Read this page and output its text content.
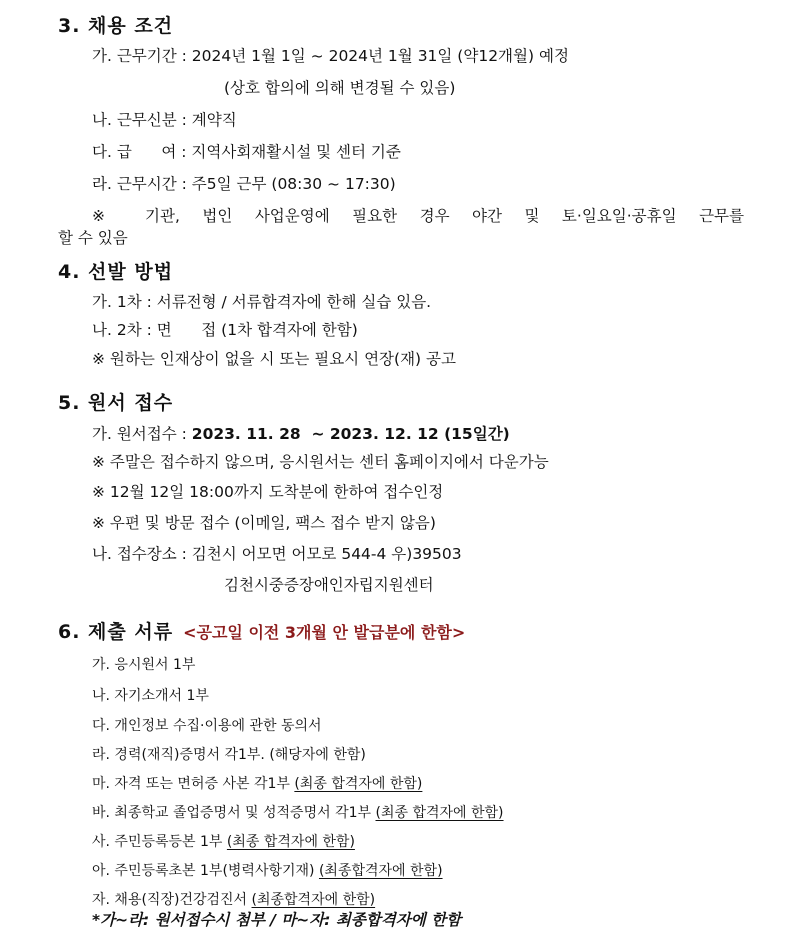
3. 채용 조건
가. 근무기간 : 2024년 1월 1일 ~ 2024년 1월 31일 (약12개월) 예정
(상호 합의에 의해 변경될 수 있음)
나. 근무신분 : 계약직
다. 급      여 : 지역사회재활시설 및 센터 기준
라. 근무시간 : 주5일 근무 (08:30 ~ 17:30)
※ 기관, 법인 사업운영에 필요한 경우 야간 및 토·일요일·공휴일 근무를
할 수 있음
4. 선발 방법
가. 1차 : 서류전형 / 서류합격자에 한해 실습 있음.
나. 2차 : 면      접 (1차 합격자에 한함)
※ 원하는 인재상이 없을 시 또는 필요시 연장(재) 공고
5. 원서 접수
가. 원서접수 : 2023. 11. 28  ~ 2023. 12. 12 (15일간)
※ 주말은 접수하지 않으며, 응시원서는 센터 홈페이지에서 다운가능
※ 12월 12일 18:00까지 도착분에 한하여 접수인정
※ 우편 및 방문 접수 (이메일, 팩스 접수 받지 않음)
나. 접수장소 : 김천시 어모면 어모로 544-4 우)39503
김천시중증장애인자립지원센터
6. 제출 서류 <공고일 이전 3개월 안 발급분에 한함>
가. 응시원서 1부
나. 자기소개서 1부
다. 개인정보 수집·이용에 관한 동의서
라. 경력(재직)증명서 각1부. (해당자에 한함)
마. 자격 또는 면허증 사본 각1부 (최종 합격자에 한함)
바. 최종학교 졸업증명서 및 성적증명서 각1부 (최종 합격자에 한함)
사. 주민등록등본 1부 (최종 합격자에 한함)
아. 주민등록초본 1부(병력사항기재) (최종합격자에 한함)
자. 채용(직장)건강검진서 (최종합격자에 한함)
*가~라: 원서접수시 첨부 / 마~자: 최종합격자에 한함
